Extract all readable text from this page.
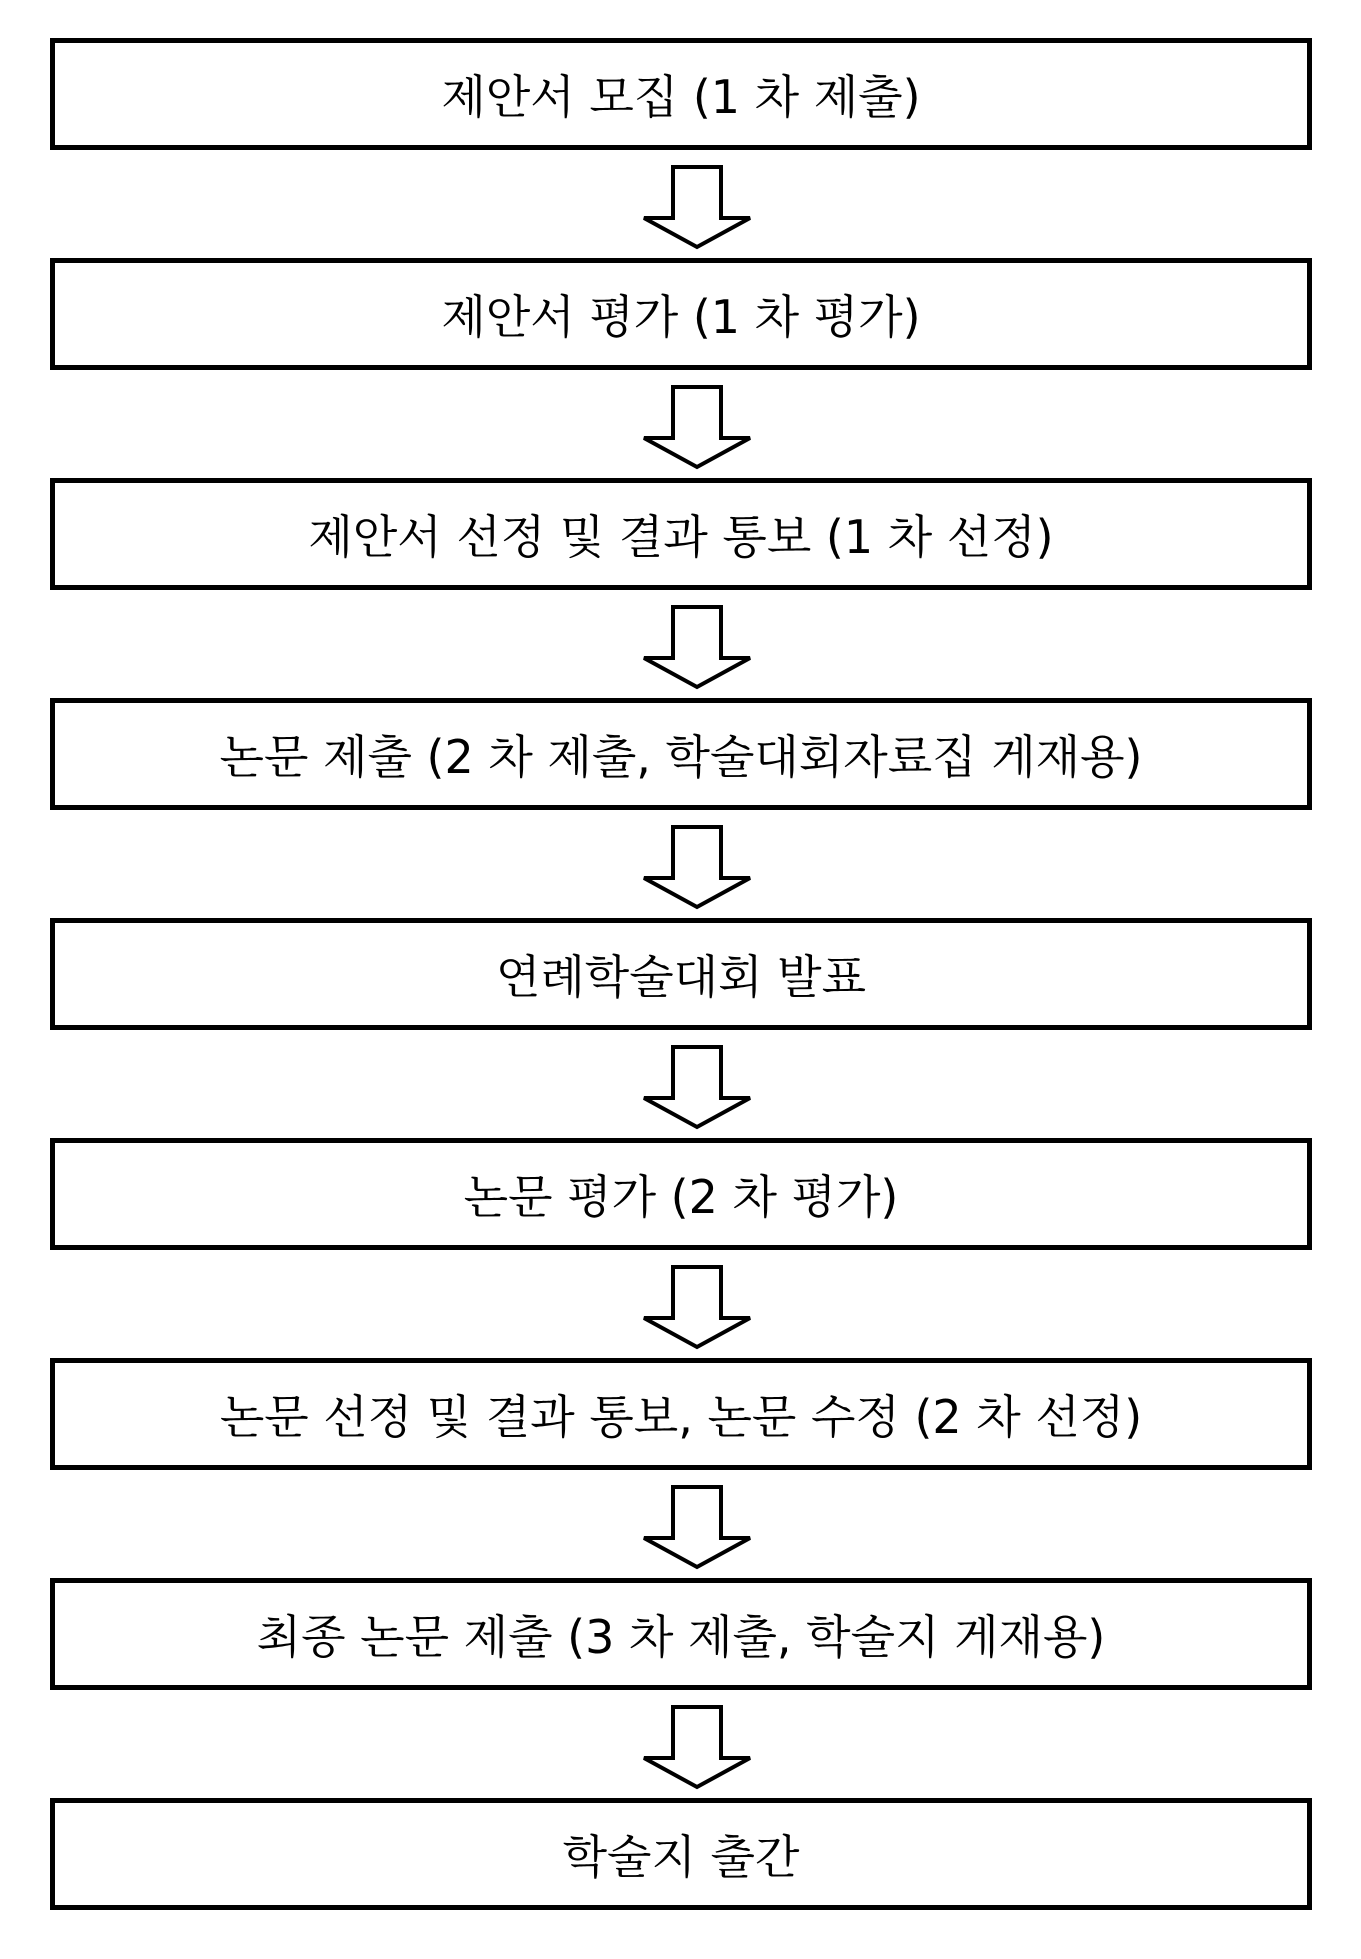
제안서 모집 (1 차 제출)
제안서 평가 (1 차 평가)
제안서 선정 및 결과 통보 (1 차 선정)
논문 제출 (2 차 제출, 학술대회자료집 게재용)
연례학술대회 발표
논문 평가 (2 차 평가)
논문 선정 및 결과 통보, 논문 수정 (2 차 선정)
최종 논문 제출 (3 차 제출, 학술지 게재용)
학술지 출간
